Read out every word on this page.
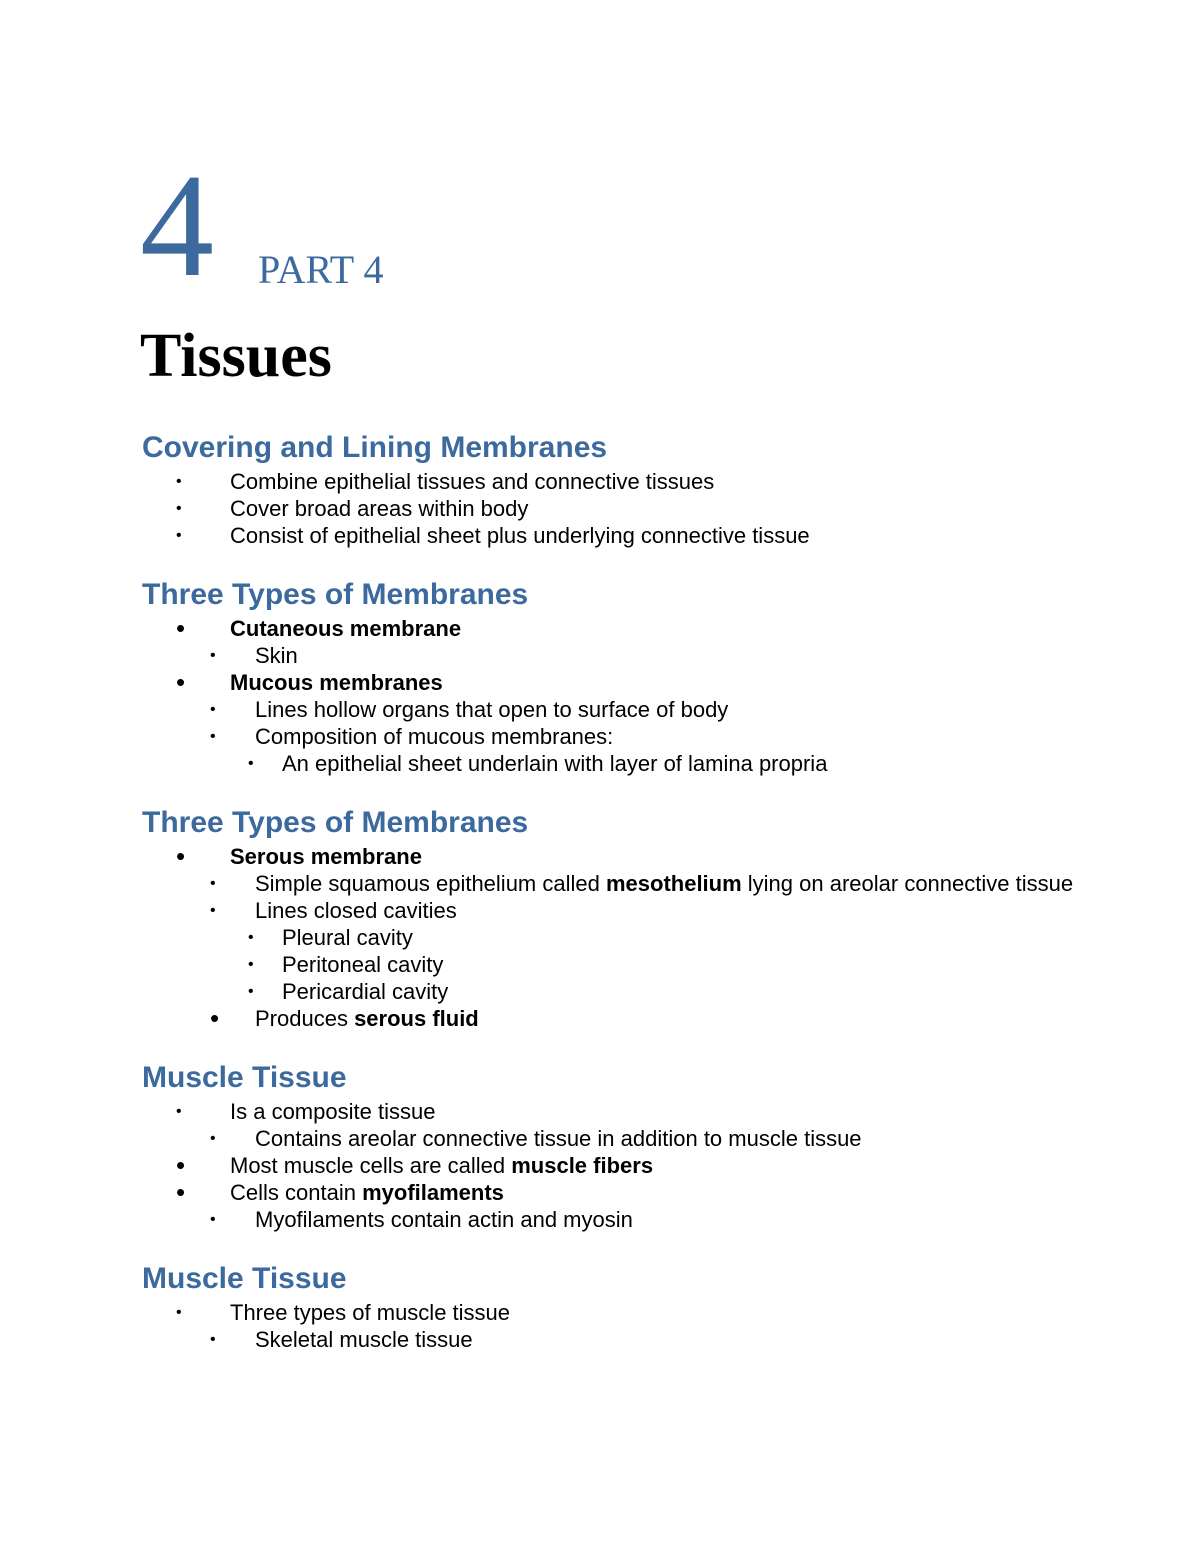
4 PART 4
Tissues
Covering and Lining Membranes
• Combine epithelial tissues and connective tissues
• Cover broad areas within body
• Consist of epithelial sheet plus underlying connective tissue
Three Types of Membranes
• Cutaneous membrane
• Skin
• Mucous membranes
• Lines hollow organs that open to surface of body
• Composition of mucous membranes:
• An epithelial sheet underlain with layer of lamina propria
Three Types of Membranes
• Serous membrane
• Simple squamous epithelium called mesothelium lying on areolar connective tissue
• Lines closed cavities
• Pleural cavity
• Peritoneal cavity
• Pericardial cavity
• Produces serous fluid
Muscle Tissue
• Is a composite tissue
• Contains areolar connective tissue in addition to muscle tissue
• Most muscle cells are called muscle fibers
• Cells contain myofilaments
• Myofilaments contain actin and myosin
Muscle Tissue
• Three types of muscle tissue
• Skeletal muscle tissue
